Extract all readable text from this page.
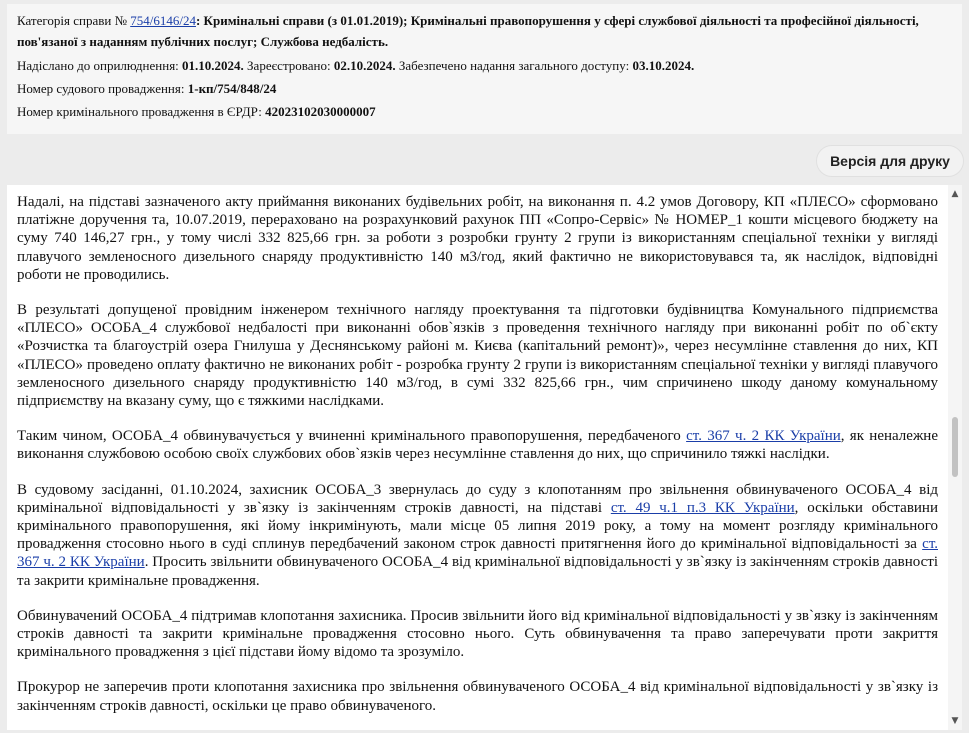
Категорія справи № 754/6146/24: Кримінальні справи (з 01.01.2019); Кримінальні правопорушення у сфері службової діяльності та професійної діяльності, пов'язаної з наданням публічних послуг; Службова недбалість.
Надіслано до оприлюднення: 01.10.2024. Зареєстровано: 02.10.2024. Забезпечено надання загального доступу: 03.10.2024.
Номер судового провадження: 1-кп/754/848/24
Номер кримінального провадження в ЄРДР: 42023102030000007
Версія для друку

Надалі, на підставі зазначеного акту приймання виконаних будівельних робіт, на виконання п. 4.2 умов Договору, КП «ПЛЕСО» сформовано платіжне доручення та, 10.07.2019, перераховано на розрахунковий рахунок ПП «Сопро-Сервіс» № НОМЕР_1 кошти місцевого бюджету на суму 740 146,27 грн., у тому числі 332 825,66 грн. за роботи з розробки грунту 2 групи із використанням спеціальної техніки у вигляді плавучого земленосного дизельного снаряду продуктивністю 140 м3/год, який фактично не використовувався та, як наслідок, відповідні роботи не проводились.

В результаті допущеної провідним інженером технічного нагляду проектування та підготовки будівництва Комунального підприємства «ПЛЕСО» ОСОБА_4 службової недбалості при виконанні обов`язків з проведення технічного нагляду при виконанні робіт по об`єкту «Розчистка та благоустрій озера Гнилуша у Деснянському районі м. Києва (капітальний ремонт)», через несумлінне ставлення до них, КП «ПЛЕСО» проведено оплату фактично не виконаних робіт - розробка грунту 2 групи із використанням спеціальної техніки у вигляді плавучого земленосного дизельного снаряду продуктивністю 140 м3/год, в сумі 332 825,66 грн., чим спричинено шкоду даному комунальному підприємству на вказану суму, що є тяжкими наслідками.

Таким чином, ОСОБА_4 обвинувачується у вчиненні кримінального правопорушення, передбаченого ст. 367 ч. 2 КК України, як неналежне виконання службовою особою своїх службових обов`язків через несумлінне ставлення до них, що спричинило тяжкі наслідки.

В судовому засіданні, 01.10.2024, захисник ОСОБА_3 звернулась до суду з клопотанням про звільнення обвинуваченого ОСОБА_4 від кримінальної відповідальності у зв`язку із закінченням строків давності, на підставі ст. 49 ч.1 п.3 КК України, оскільки обставини кримінального правопорушення, які йому інкримінують, мали місце 05 липня 2019 року, а тому на момент розгляду кримінального провадження стосовно нього в суді сплинув передбачений законом строк давності притягнення його до кримінальної відповідальності за ст. 367 ч. 2 КК України. Просить звільнити обвинуваченого ОСОБА_4 від кримінальної відповідальності у зв`язку із закінченням строків давності та закрити кримінальне провадження.

Обвинувачений ОСОБА_4 підтримав клопотання захисника. Просив звільнити його від кримінальної відповідальності у зв`язку із закінченням строків давності та закрити кримінальне провадження стосовно нього. Суть обвинувачення та право заперечувати проти закриття кримінального провадження з цієї підстави йому відомо та зрозуміло.

Прокурор не заперечив проти клопотання захисника про звільнення обвинуваченого ОСОБА_4 від кримінальної відповідальності у зв`язку із закінченням строків давності, оскільки це право обвинуваченого.

▲
▼
